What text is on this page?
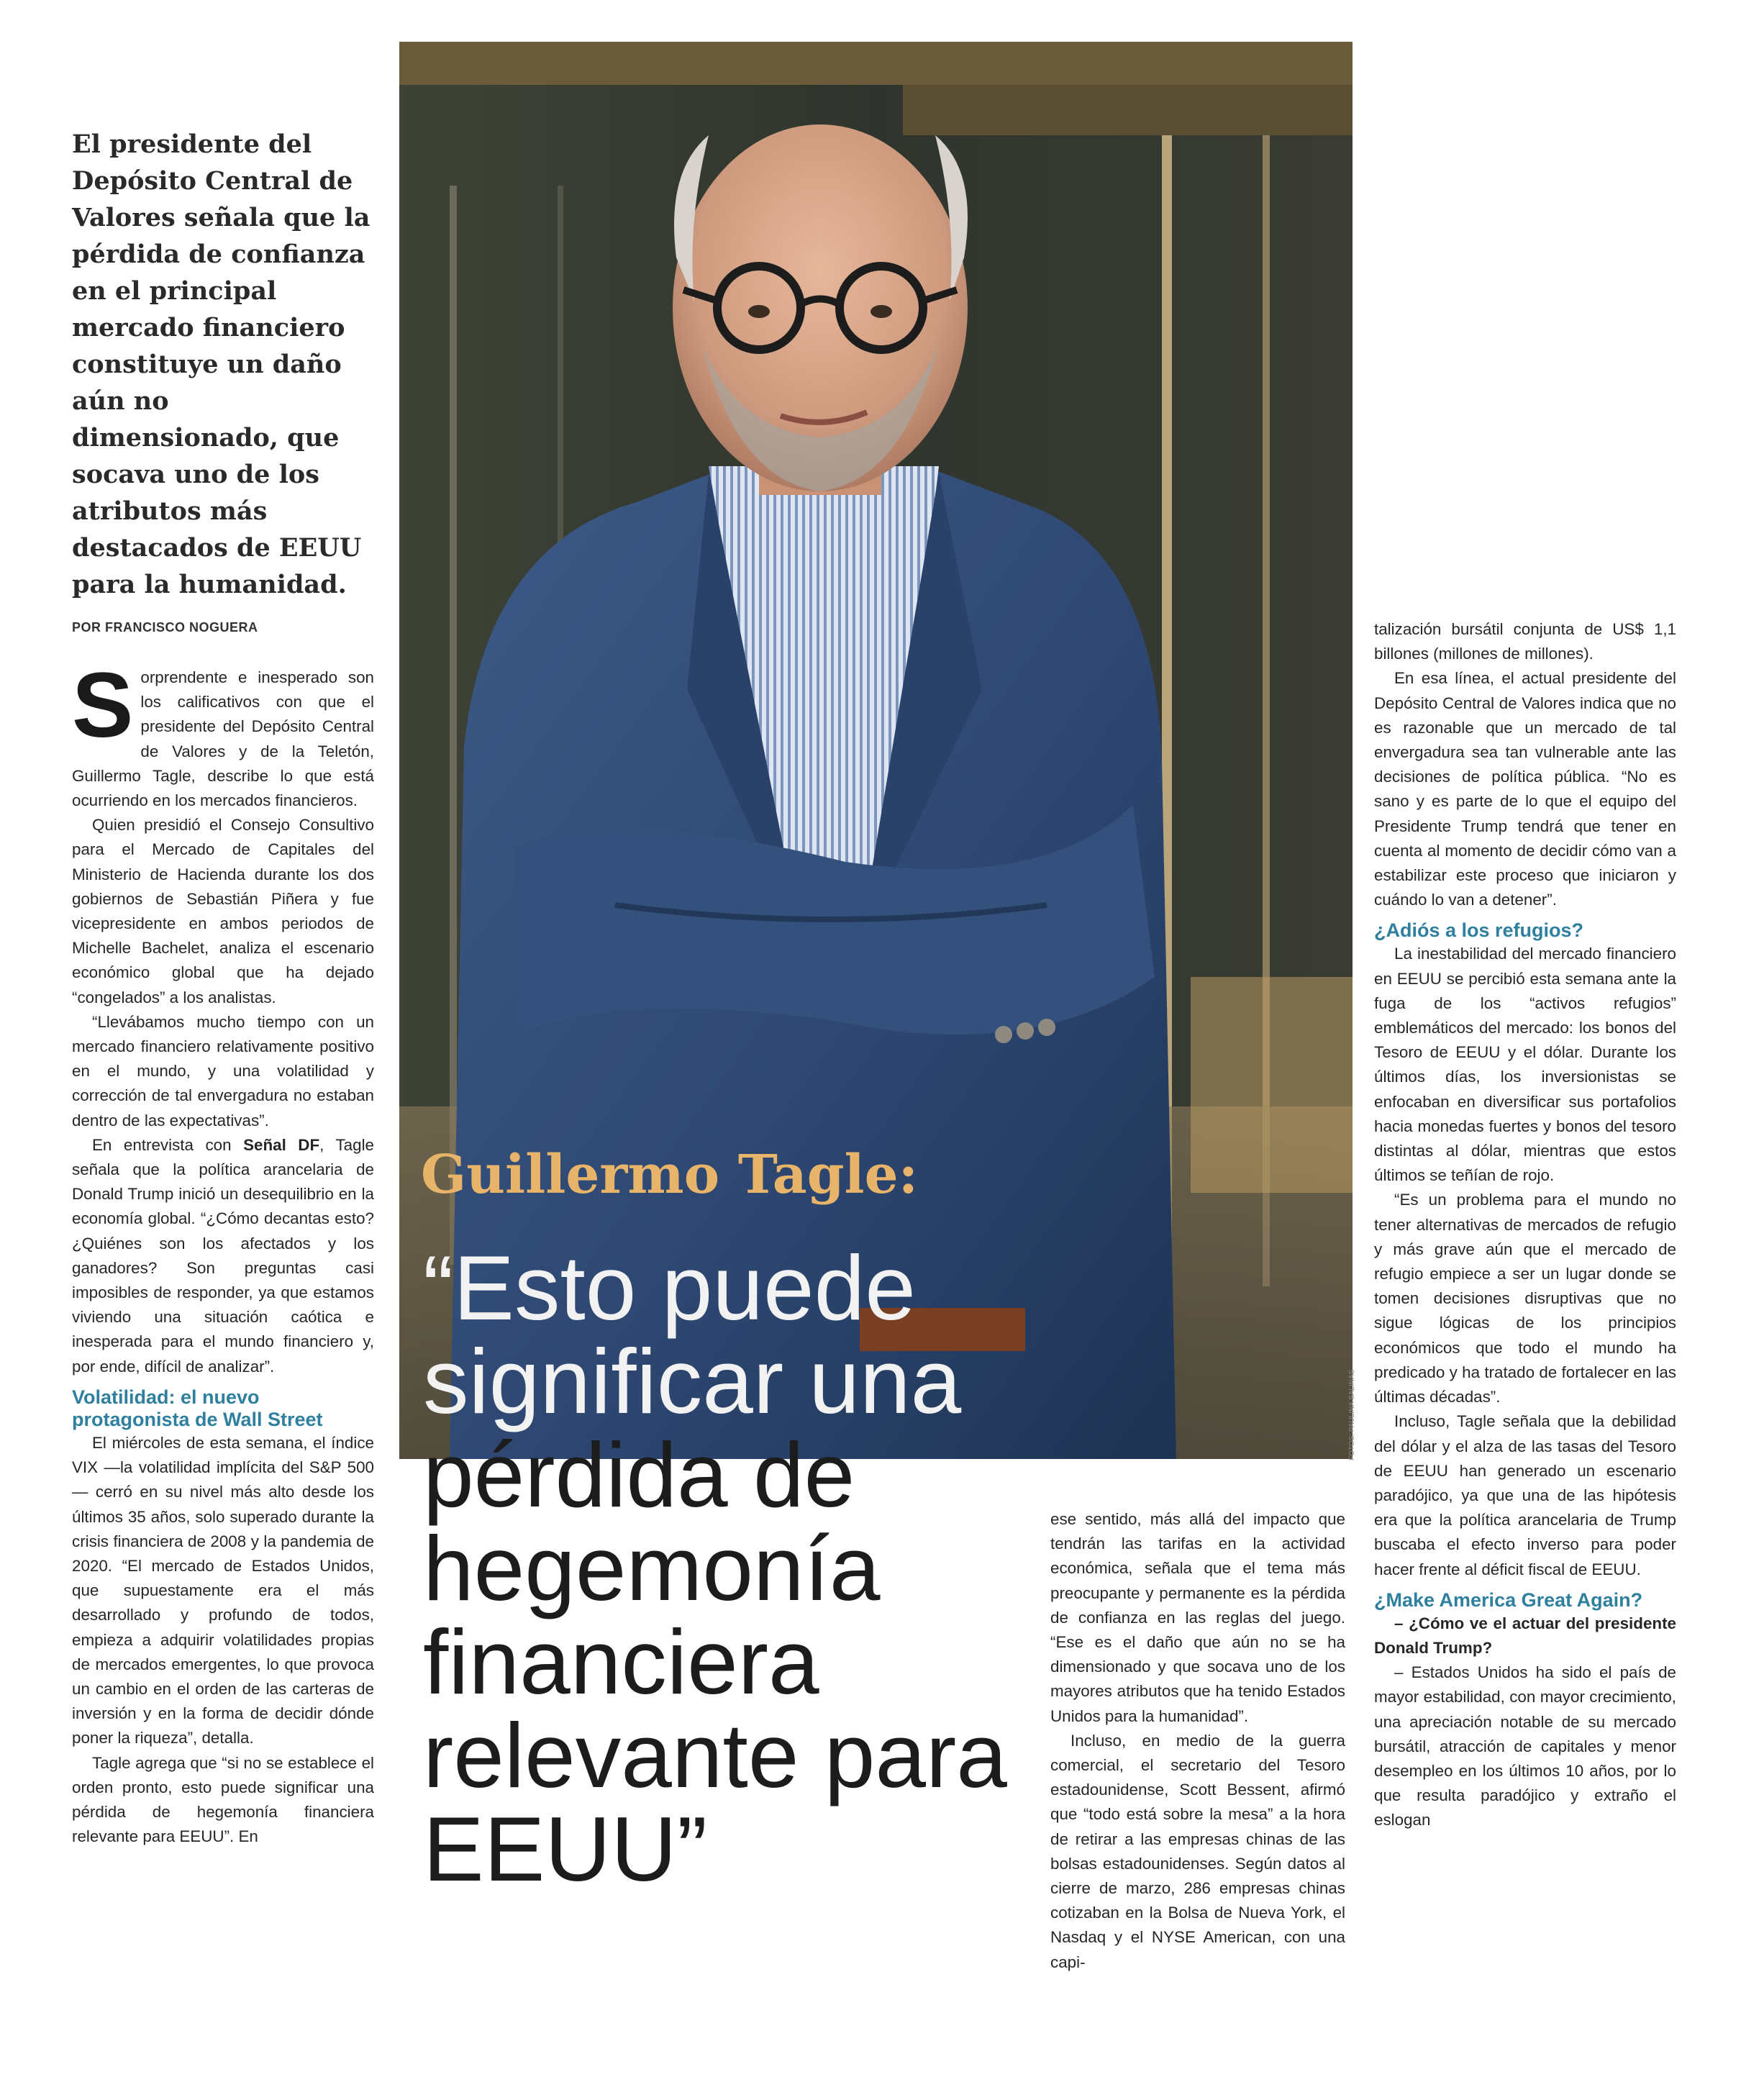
El presidente del Depósito Central de Valores señala que la pérdida de confianza en el principal mercado financiero constituye un daño aún no dimensionado, que socava uno de los atributos más destacados de EEUU para la humanidad.
POR FRANCISCO NOGUERA
FOTOS: PAULINA SALINAS
Guillermo Tagle:
“Esto puede
significar una
pérdida de hegemonía financiera relevante para EEUU”

Sorprendente e inesperado son los calificativos con que el presidente del Depósito Central de Valores y de la Teletón, Guillermo Tagle, describe lo que está ocurriendo en los mercados financieros.

Quien presidió el Consejo Consultivo para el Mercado de Capitales del Ministerio de Hacienda durante los dos gobiernos de Sebastián Piñera y fue vicepresidente en ambos periodos de Michelle Bachelet, analiza el escenario económico global que ha dejado “congelados” a los analistas.

“Llevábamos mucho tiempo con un mercado financiero relativamente positivo en el mundo, y una volatilidad y corrección de tal envergadura no estaban dentro de las expectativas”.

En entrevista con Señal DF, Tagle señala que la política arancelaria de Donald Trump inició un desequilibrio en la economía global. “¿Cómo decantas esto? ¿Quiénes son los afectados y los ganadores? Son preguntas casi imposibles de responder, ya que estamos viviendo una situación caótica e inesperada para el mundo financiero y, por ende, difícil de analizar”.

Volatilidad: el nuevo protagonista de Wall Street

El miércoles de esta semana, el índice VIX —la volatilidad implícita del S&P 500— cerró en su nivel más alto desde los últimos 35 años, solo superado durante la crisis financiera de 2008 y la pandemia de 2020. “El mercado de Estados Unidos, que supuestamente era el más desarrollado y profundo de todos, empieza a adquirir volatilidades propias de mercados emergentes, lo que provoca un cambio en el orden de las carteras de inversión y en la forma de decidir dónde poner la riqueza”, detalla.

Tagle agrega que “si no se establece el orden pronto, esto puede significar una pérdida de hegemonía financiera relevante para EEUU”. En

ese sentido, más allá del impacto que tendrán las tarifas en la actividad económica, señala que el tema más preocupante y permanente es la pérdida de confianza en las reglas del juego. “Ese es el daño que aún no se ha dimensionado y que socava uno de los mayores atributos que ha tenido Estados Unidos para la humanidad”.

Incluso, en medio de la guerra comercial, el secretario del Tesoro estadounidense, Scott Bessent, afirmó que “todo está sobre la mesa” a la hora de retirar a las empresas chinas de las bolsas estadounidenses. Según datos al cierre de marzo, 286 empresas chinas cotizaban en la Bolsa de Nueva York, el Nasdaq y el NYSE American, con una capi-

talización bursátil conjunta de US$ 1,1 billones (millones de millones).

En esa línea, el actual presidente del Depósito Central de Valores indica que no es razonable que un mercado de tal envergadura sea tan vulnerable ante las decisiones de política pública. “No es sano y es parte de lo que el equipo del Presidente Trump tendrá que tener en cuenta al momento de decidir cómo van a estabilizar este proceso que iniciaron y cuándo lo van a detener”.

¿Adiós a los refugios?

La inestabilidad del mercado financiero en EEUU se percibió esta semana ante la fuga de los “activos refugios” emblemáticos del mercado: los bonos del Tesoro de EEUU y el dólar. Durante los últimos días, los inversionistas se enfocaban en diversificar sus portafolios hacia monedas fuertes y bonos del tesoro distintas al dólar, mientras que estos últimos se teñían de rojo.

“Es un problema para el mundo no tener alternativas de mercados de refugio y más grave aún que el mercado de refugio empiece a ser un lugar donde se tomen decisiones disruptivas que no sigue lógicas de los principios económicos que todo el mundo ha predicado y ha tratado de fortalecer en las últimas décadas”.

Incluso, Tagle señala que la debilidad del dólar y el alza de las tasas del Tesoro de EEUU han generado un escenario paradójico, ya que una de las hipótesis era que la política arancelaria de Trump buscaba el efecto inverso para poder hacer frente al déficit fiscal de EEUU.

¿Make America Great Again?

– ¿Cómo ve el actuar del presidente Donald Trump?

– Estados Unidos ha sido el país de mayor estabilidad, con mayor crecimiento, una apreciación notable de su mercado bursátil, atracción de capitales y menor desempleo en los últimos 10 años, por lo que resulta paradójico y extraño el eslogan
